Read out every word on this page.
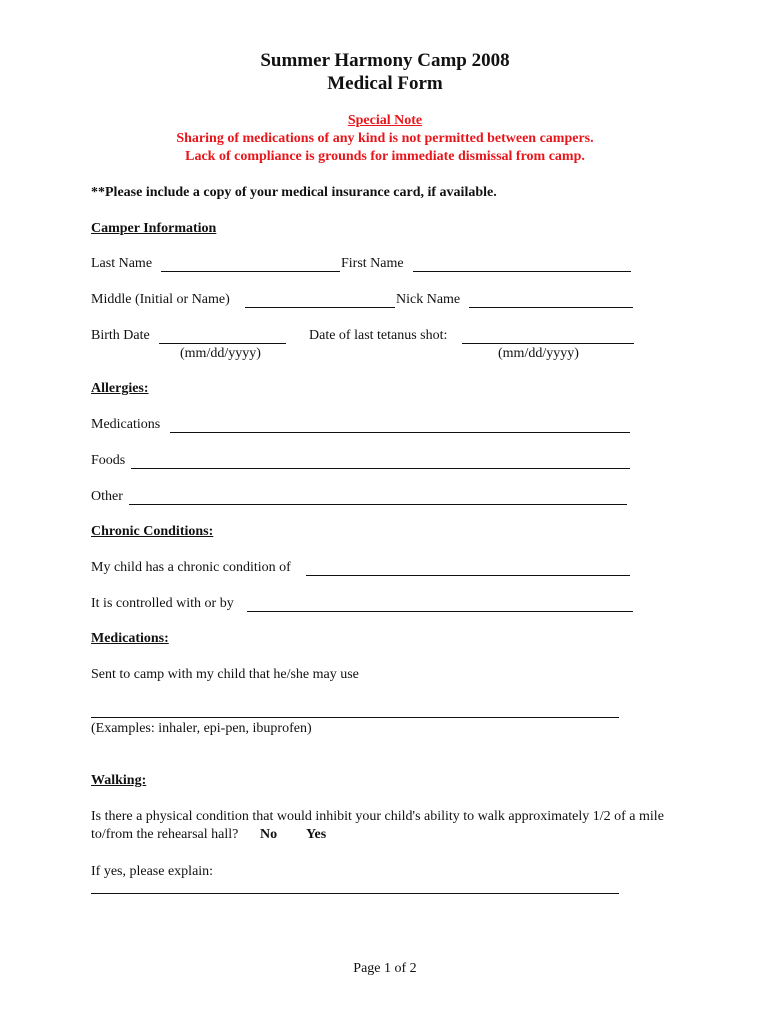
Summer Harmony Camp 2008
Medical Form
Special Note
Sharing of medications of any kind is not permitted between campers.
Lack of compliance is grounds for immediate dismissal from camp.
**Please include a copy of your medical insurance card, if available.
Camper Information
Last Name	First Name
Middle (Initial or Name)	Nick Name
Birth Date	Date of last tetanus shot:
(mm/dd/yyyy)	(mm/dd/yyyy)
Allergies:
Medications
Foods
Other
Chronic Conditions:
My child has a chronic condition of
It is controlled with or by
Medications:
Sent to camp with my child that he/she may use
(Examples: inhaler, epi-pen, ibuprofen)
Walking:
Is there a physical condition that would inhibit your child's ability to walk approximately 1/2 of a mile
to/from the rehearsal hall? No Yes
If yes, please explain:
Page 1 of 2
